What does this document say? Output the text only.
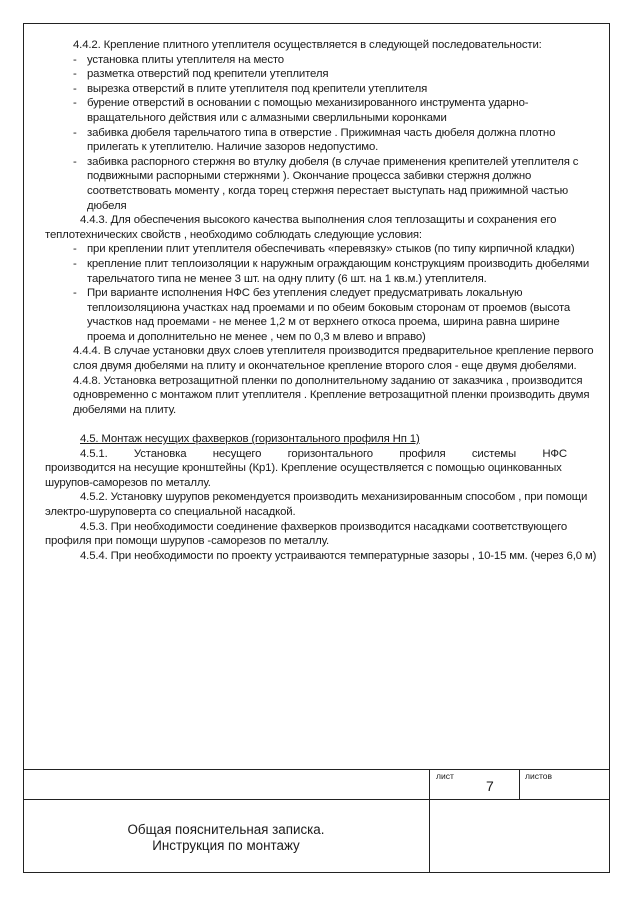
4.4.2. Крепление плитного утеплителя осуществляется в следующей последовательности:

- установка плиты утеплителя на место
- разметка отверстий под крепители утеплителя
- вырезка отверстий в плите утеплителя под крепители утеплителя
- бурение отверстий в основании с помощью механизированного инструмента ударно-вращательного действия или с алмазными сверлильными коронками
- забивка дюбеля тарельчатого типа в отверстие . Прижимная часть дюбеля должна плотно прилегать к утеплителю. Наличие зазоров недопустимо.
- забивка распорного стержня во втулку дюбеля (в случае применения крепителей утеплителя с подвижными распорными стержнями ). Окончание процесса забивки стержня должно соответствовать моменту , когда торец стержня перестает выступать над прижимной частью дюбеля

4.4.3. Для обеспечения высокого качества выполнения слоя теплозащиты и сохранения его теплотехнических свойств , необходимо соблюдать следующие условия:

- при креплении плит утеплителя обеспечивать «перевязку» стыков (по типу кирпичной кладки)
- крепление плит теплоизоляции к наружным ограждающим конструкциям производить дюбелями тарельчатого типа не менее 3 шт. на одну плиту (6 шт. на 1 кв.м.) утеплителя.
- При варианте исполнения НФС без утепления следует предусматривать локальную теплоизоляциюна участках над проемами и по обеим боковым сторонам от проемов (высота участков над проемами - не менее 1,2 м от верхнего откоса проема, ширина равна ширине проема и дополнительно не менее , чем по 0,3 м влево и вправо)

4.4.4. В случае установки двух слоев утеплителя производится предварительное крепление первого слоя двумя дюбелями на плиту и окончательное крепление второго слоя - еще двумя дюбелями.

4.4.8. Установка ветрозащитной пленки по дополнительному заданию от заказчика , производится одновременно с монтажом плит утеплителя . Крепление ветрозащитной пленки производить двумя дюбелями на плиту.

4.5. Монтаж несущих фахверков (горизонтального профиля Нп 1)

4.5.1. Установка несущего горизонтального профиля системы НФС

производится на несущие кронштейны (Кр1). Крепление осуществляется с помощью оцинкованных шурупов-саморезов по металлу.

4.5.2. Установку шурупов рекомендуется производить механизированным способом , при помощи электро-шуруповерта со специальной насадкой.

4.5.3. При необходимости соединение фахверков производится насадками соответствующего профиля при помощи шурупов -саморезов по металлу.

4.5.4. При необходимости по проекту устраиваются температурные зазоры , 10-15 мм. (через 6,0 м)

лист
7
листов
Общая пояснительная записка.
Инструкция по монтажу
